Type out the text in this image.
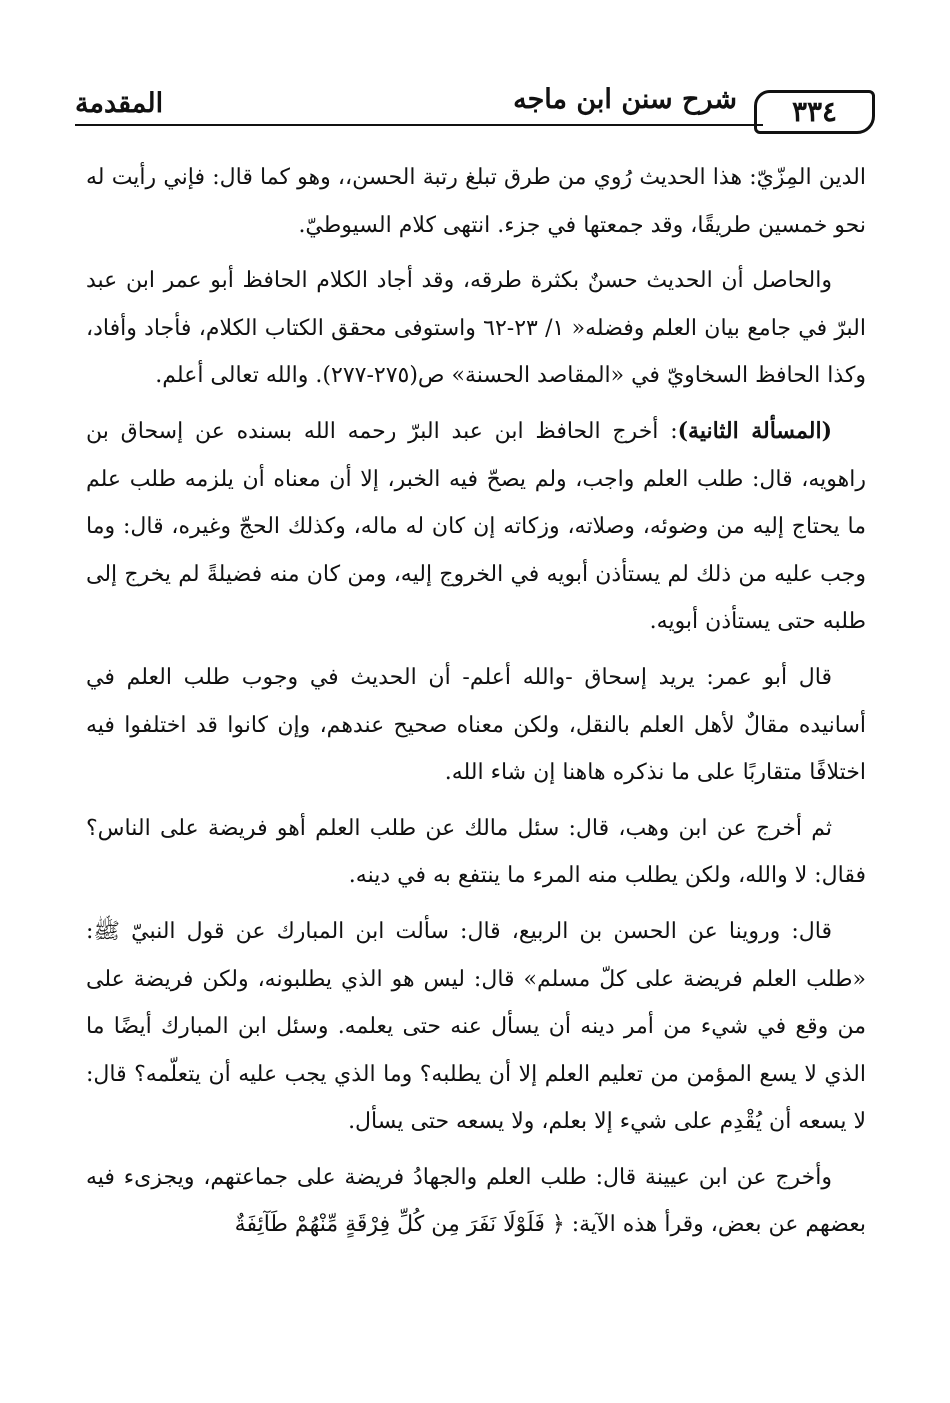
٣٣٤
شرح سنن ابن ماجه
المقدمة

الدين المِزّيّ: هذا الحديث رُوي من طرق تبلغ رتبة الحسن،، وهو كما قال: فإني رأيت له نحو خمسين طريقًا، وقد جمعتها في جزء. انتهى كلام السيوطيّ.

والحاصل أن الحديث حسنٌ بكثرة طرقه، وقد أجاد الكلام الحافظ أبو عمر ابن عبد البرّ في جامع بيان العلم وفضله« ١/ ٢٣-٦٢ واستوفى محقق الكتاب الكلام، فأجاد وأفاد، وكذا الحافظ السخاويّ في «المقاصد الحسنة» ص(٢٧٥-٢٧٧). والله تعالى أعلم.

(المسألة الثانية): أخرج الحافظ ابن عبد البرّ رحمه الله بسنده عن إسحاق بن راهويه، قال: طلب العلم واجب، ولم يصحّ فيه الخبر، إلا أن معناه أن يلزمه طلب علم ما يحتاج إليه من وضوئه، وصلاته، وزكاته إن كان له ماله، وكذلك الحجّ وغيره، قال: وما وجب عليه من ذلك لم يستأذن أبويه في الخروج إليه، ومن كان منه فضيلةً لم يخرج إلى طلبه حتى يستأذن أبويه.

قال أبو عمر: يريد إسحاق -والله أعلم- أن الحديث في وجوب طلب العلم في أسانيده مقالٌ لأهل العلم بالنقل، ولكن معناه صحيح عندهم، وإن كانوا قد اختلفوا فيه اختلافًا متقاربًا على ما نذكره هاهنا إن شاء الله.

ثم أخرج عن ابن وهب، قال: سئل مالك عن طلب العلم أهو فريضة على الناس؟ فقال: لا والله، ولكن يطلب منه المرء ما ينتفع به في دينه.

قال: وروينا عن الحسن بن الربيع، قال: سألت ابن المبارك عن قول النبيّ ﷺ: «طلب العلم فريضة على كلّ مسلم» قال: ليس هو الذي يطلبونه، ولكن فريضة على من وقع في شيء من أمر دينه أن يسأل عنه حتى يعلمه. وسئل ابن المبارك أيضًا ما الذي لا يسع المؤمن من تعليم العلم إلا أن يطلبه؟ وما الذي يجب عليه أن يتعلّمه؟ قال: لا يسعه أن يُقْدِم على شيء إلا بعلم، ولا يسعه حتى يسأل.

وأخرج عن ابن عيينة قال: طلب العلم والجهادُ فريضة على جماعتهم، ويجزىء فيه بعضهم عن بعض، وقرأ هذه الآية: ﴿ فَلَوْلَا نَفَرَ مِن كُلِّ فِرْقَةٍ مِّنْهُمْ طَآئِفَةٌ
